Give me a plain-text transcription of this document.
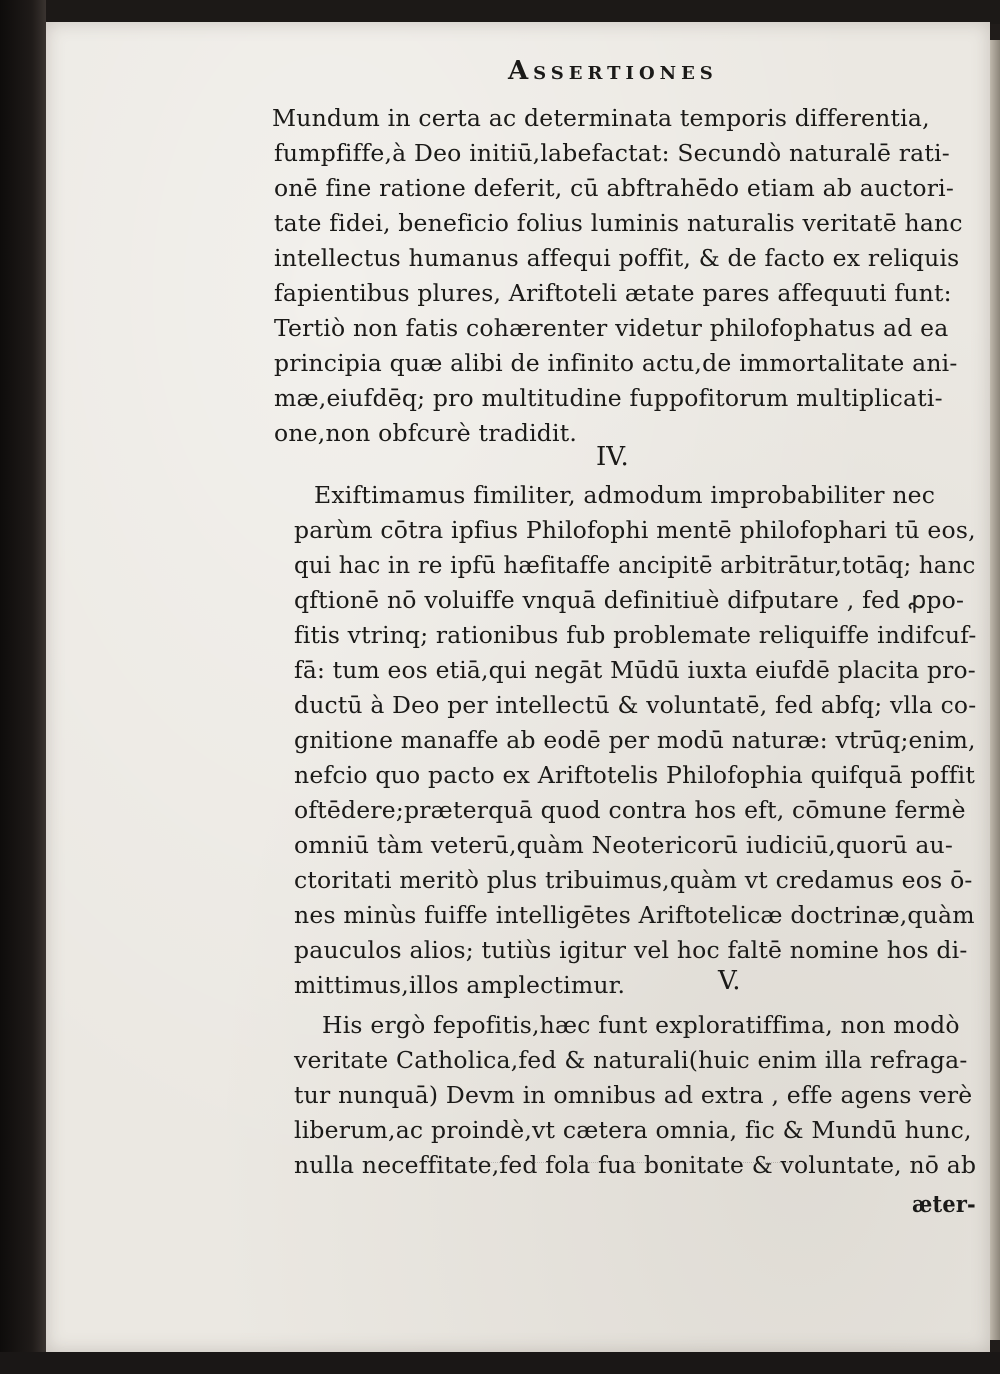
Assertiones
Mundum in certa ac determinata temporis differentia,
fumpfiffe,à Deo initiū,labefactat: Secundò naturalē rati-
onē fine ratione deferit, cū abftrahēdo etiam ab auctori-
tate fidei, beneficio folius luminis naturalis veritatē hanc
intellectus humanus affequi poffit, & de facto ex reliquis
fapientibus plures, Ariftoteli ætate pares affequuti funt:
Tertiò non fatis cohærenter videtur philofophatus ad ea
principia quæ alibi de infinito actu,de immortalitate ani-
mæ,eiufdēq; pro multitudine fuppofitorum multiplicati-
one,non obfcurè tradidit.
IV.
Exiftimamus fimiliter, admodum improbabiliter nec
parùm cōtra ipfius Philofophi mentē philofophari tū eos,
qui hac in re ipfū hæfitaffe ancipitē arbitrātur,totāq; hanc
qftionē nō voluiffe vnquā definitiuè difputare , fed ꝓpo-
fitis vtrinq; rationibus fub problemate reliquiffe indifcuf-
fā: tum eos etiā,qui negāt Mūdū iuxta eiufdē placita pro-
ductū à Deo per intellectū & voluntatē, fed abfq; vlla co-
gnitione manaffe ab eodē per modū naturæ: vtrūq;enim,
nefcio quo pacto ex Ariftotelis Philofophia quifquā poffit
oftēdere;præterquā quod contra hos eft, cōmune fermè
omniū tàm veterū,quàm Neotericorū iudiciū,quorū au-
ctoritati meritò plus tribuimus,quàm vt credamus eos ō-
nes minùs fuiffe intelligētes Ariftotelicæ doctrinæ,quàm
pauculos alios; tutiùs igitur vel hoc faltē nomine hos di-
mittimus,illos amplectimur.	V.
His ergò fepofitis,hæc funt exploratiffima, non modò
veritate Catholica,fed & naturali(huic enim illa refraga-
tur nunquā) Devm in omnibus ad extra , effe agens verè
liberum,ac proindè,vt cætera omnia, fic & Mundū hunc,
nulla neceffitate,fed fola fua bonitate & voluntate, nō ab
æter-
